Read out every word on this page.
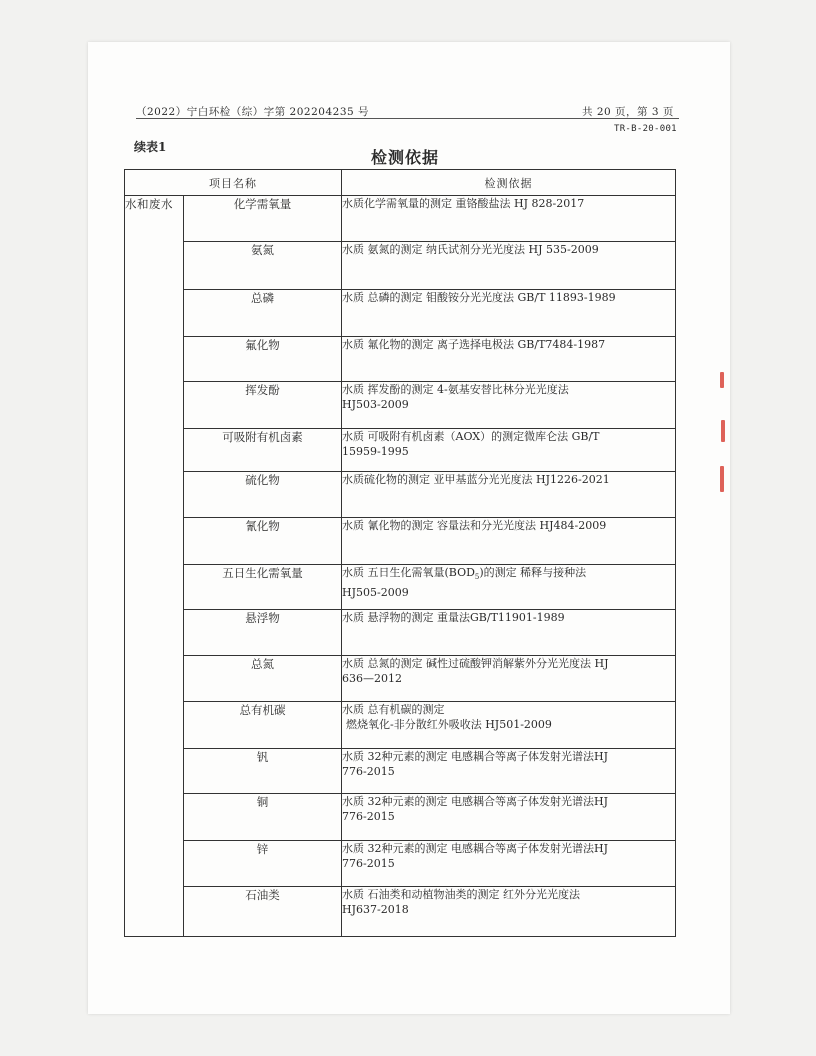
（2022）宁白环检（综）字第 202204235 号	共 20 页，第 3 页
TR-B-20-001
续表1
检测依据
项目名称		检测依据
水和废水	化学需氧量	水质化学需氧量的测定 重铬酸盐法 HJ 828-2017

	氨氮	水质 氨氮的测定 纳氏试剂分光光度法 HJ 535-2009

	总磷	水质 总磷的测定 钼酸铵分光光度法 GB/T 11893-1989

	氟化物	水质 氟化物的测定 离子选择电极法 GB/T7484-1987

	挥发酚	水质 挥发酚的测定 4-氨基安替比林分光光度法
HJ503-2009

	可吸附有机卤素	水质 可吸附有机卤素（AOX）的测定微库仑法 GB/T
15959-1995

	硫化物	水质硫化物的测定 亚甲基蓝分光光度法 HJ1226-2021

	氰化物	水质 氰化物的测定 容量法和分光光度法 HJ484-2009

	五日生化需氧量	水质 五日生化需氧量$(BOD_5)$的测定 稀释与接种法
HJ505-2009

	悬浮物	水质 悬浮物的测定 重量法GB/T11901-1989

	总氮	水质 总氮的测定 碱性过硫酸钾消解紫外分光光度法 HJ
636—2012

	总有机碳	水质 总有机碳的测定
燃烧氧化-非分散红外吸收法 HJ501-2009

	钒	水质 32种元素的测定 电感耦合等离子体发射光谱法HJ
776-2015

	铜	水质 32种元素的测定 电感耦合等离子体发射光谱法HJ
776-2015

	锌	水质 32种元素的测定 电感耦合等离子体发射光谱法HJ
776-2015

	石油类	水质 石油类和动植物油类的测定 红外分光光度法
HJ637-2018
